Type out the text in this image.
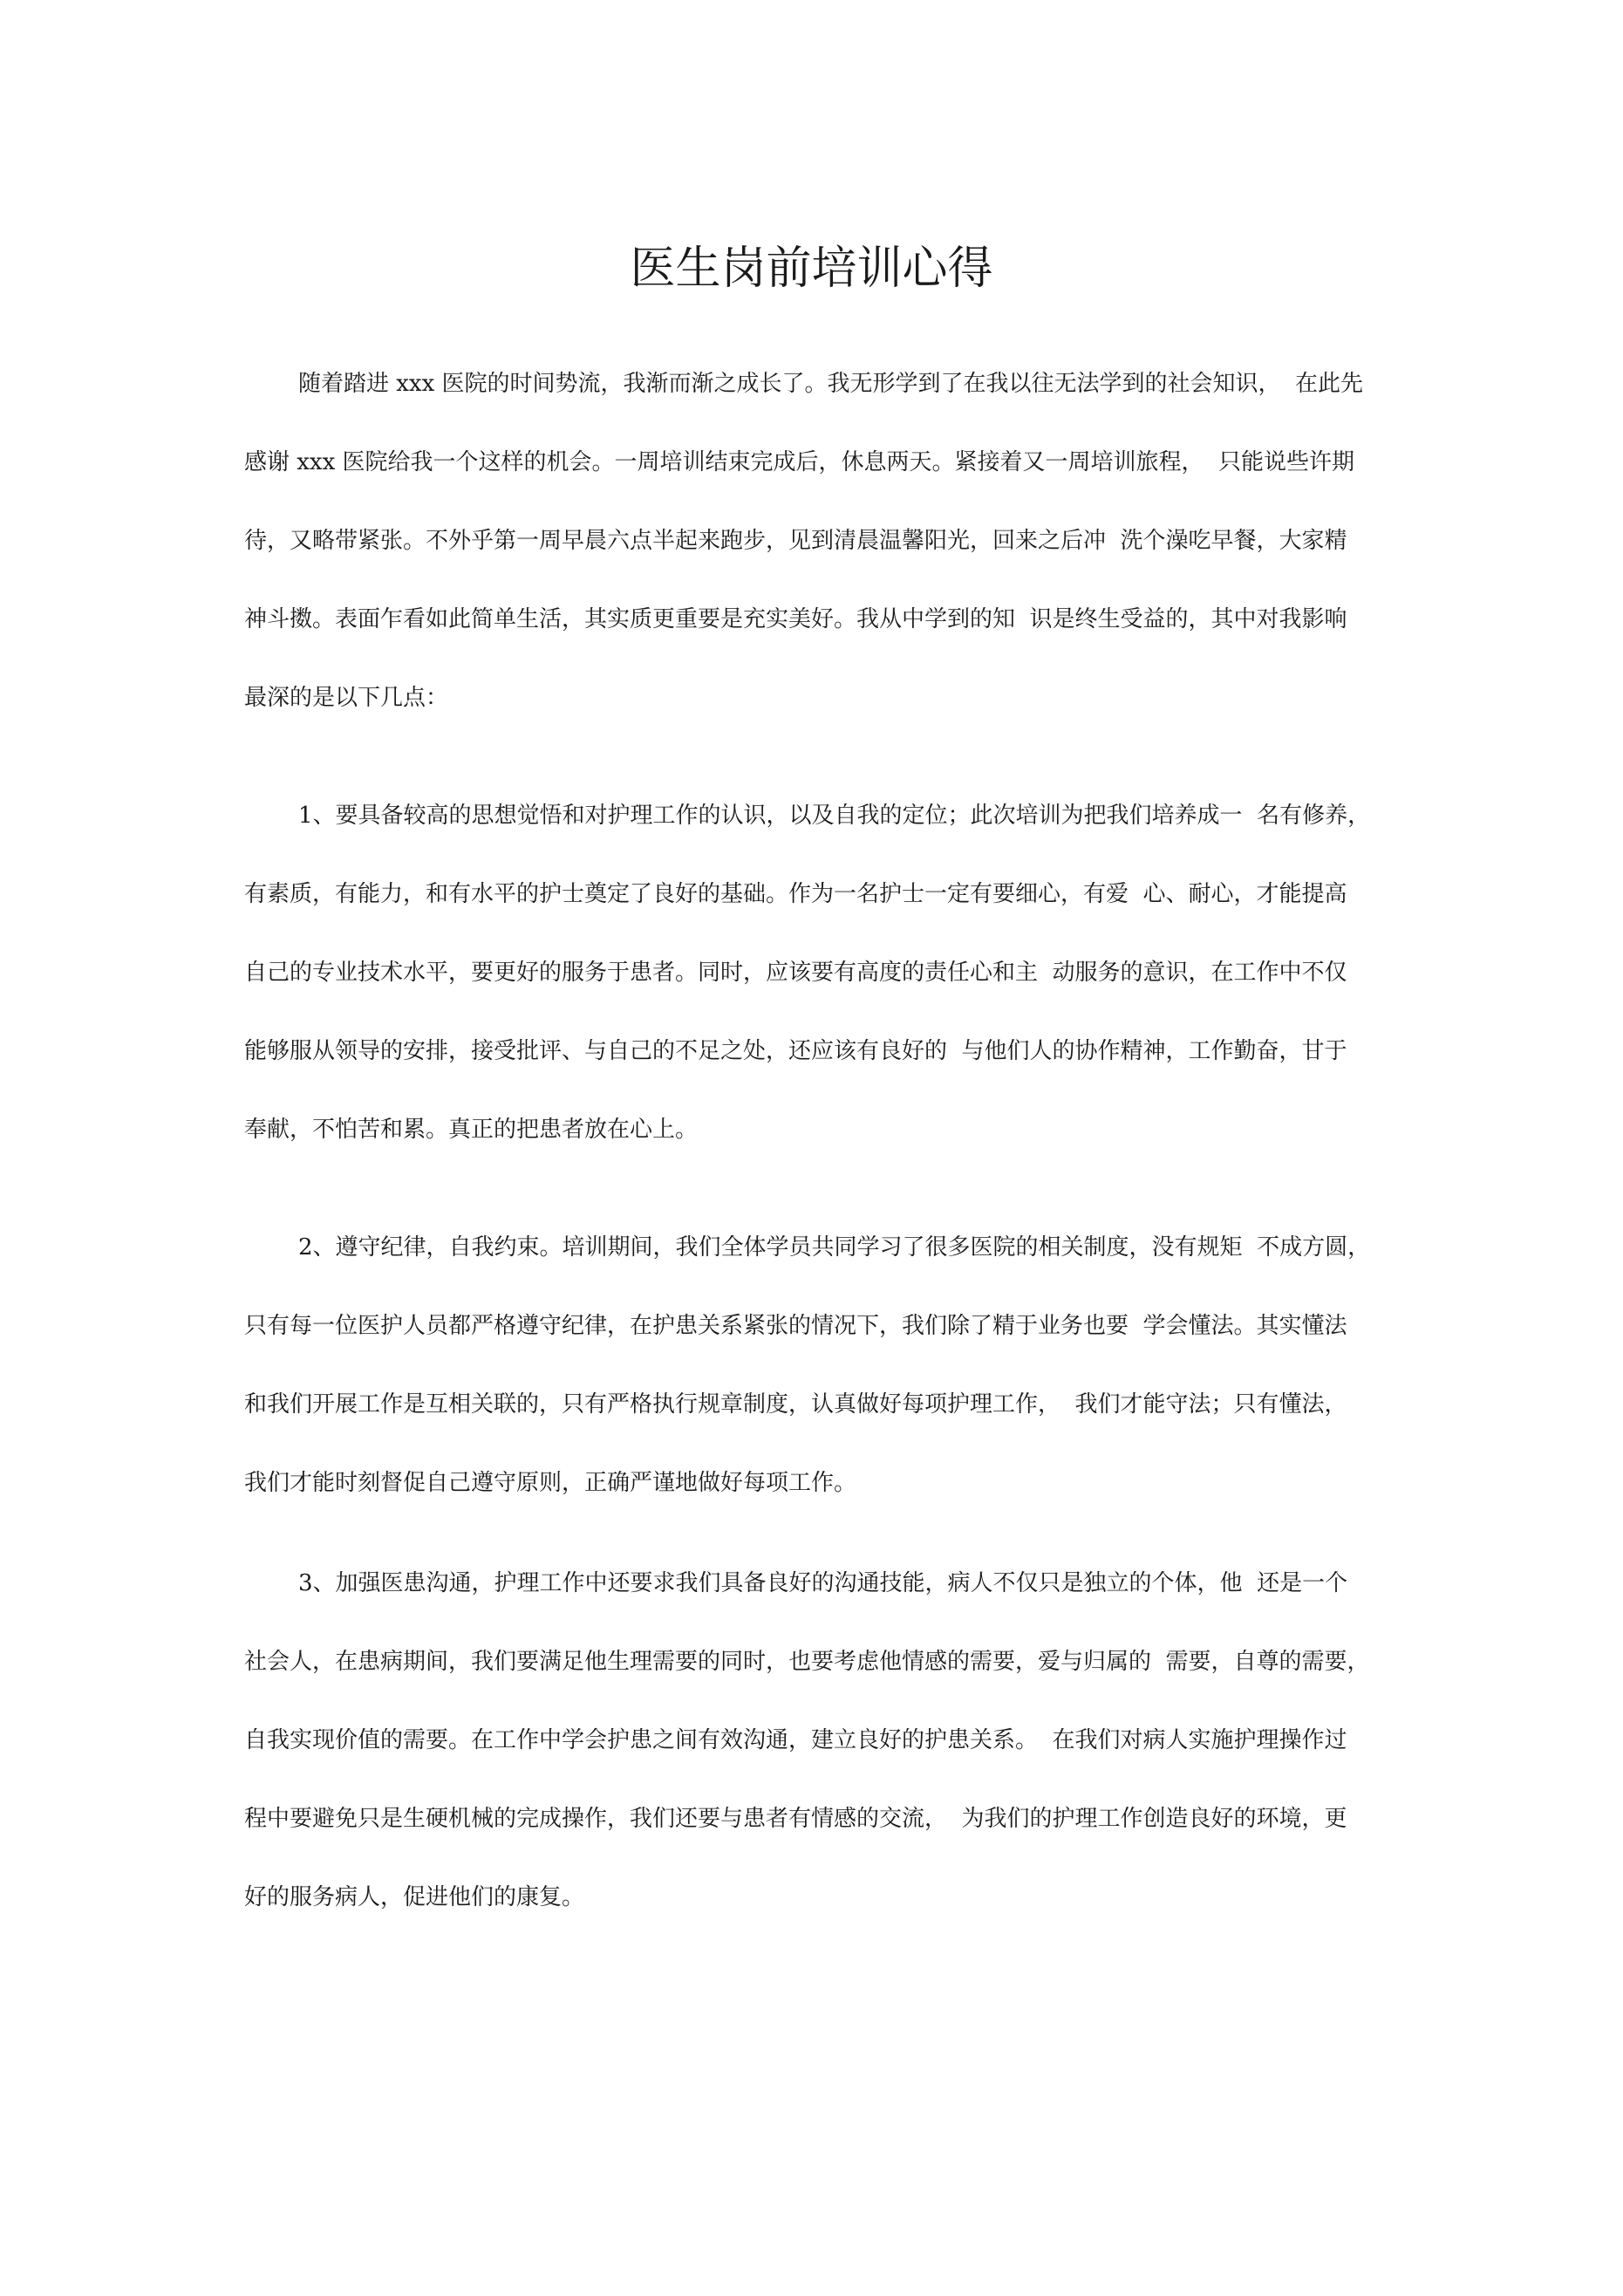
医生岗前培训心得
随着踏进 xxx 医院的时间势流，我渐而渐之成长了。我无形学到了在我以往无法学到的社会知识，  在此先
感谢 xxx 医院给我一个这样的机会。一周培训结束完成后，休息两天。紧接着又一周培训旅程，  只能说些许期
待，又略带紧张。不外乎第一周早晨六点半起来跑步，见到清晨温馨阳光，回来之后冲  洗个澡吃早餐，大家精
神斗擞。表面乍看如此简单生活，其实质更重要是充实美好。我从中学到的知  识是终生受益的，其中对我影响
最深的是以下几点：
1、要具备较高的思想觉悟和对护理工作的认识，以及自我的定位；此次培训为把我们培养成一  名有修养，
有素质，有能力，和有水平的护士奠定了良好的基础。作为一名护士一定有要细心，有爱  心、耐心，才能提高
自己的专业技术水平，要更好的服务于患者。同时，应该要有高度的责任心和主  动服务的意识，在工作中不仅
能够服从领导的安排，接受批评、与自己的不足之处，还应该有良好的  与他们人的协作精神，工作勤奋，甘于
奉献，不怕苦和累。真正的把患者放在心上。
2、遵守纪律，自我约束。培训期间，我们全体学员共同学习了很多医院的相关制度，没有规矩  不成方圆，
只有每一位医护人员都严格遵守纪律，在护患关系紧张的情况下，我们除了精于业务也要  学会懂法。其实懂法
和我们开展工作是互相关联的，只有严格执行规章制度，认真做好每项护理工作，  我们才能守法；只有懂法，
我们才能时刻督促自己遵守原则，正确严谨地做好每项工作。
3、加强医患沟通，护理工作中还要求我们具备良好的沟通技能，病人不仅只是独立的个体，他  还是一个
社会人，在患病期间，我们要满足他生理需要的同时，也要考虑他情感的需要，爱与归属的  需要，自尊的需要，
自我实现价值的需要。在工作中学会护患之间有效沟通，建立良好的护患关系。  在我们对病人实施护理操作过
程中要避免只是生硬机械的完成操作，我们还要与患者有情感的交流，  为我们的护理工作创造良好的环境，更
好的服务病人，促进他们的康复。
